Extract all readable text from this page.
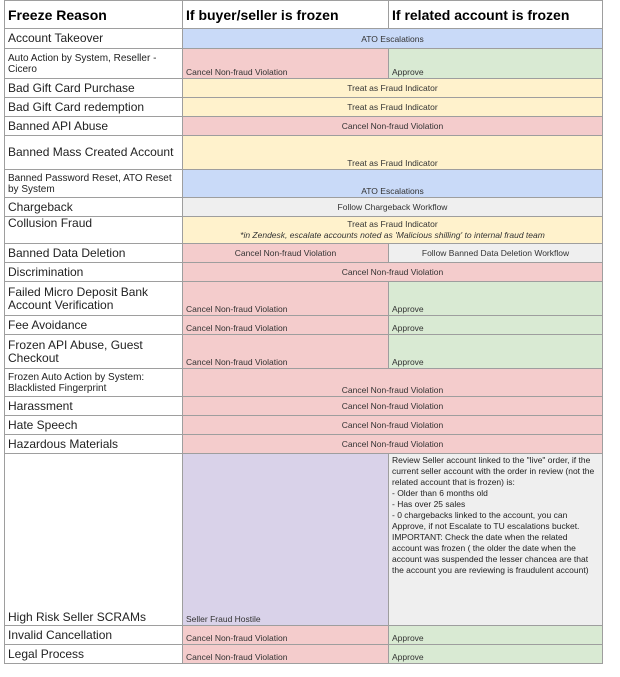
Freeze Reason	If buyer/seller is frozen	If related account is frozen
Account Takeover	ATO Escalations	
Auto Action by System, Reseller - Cicero	Cancel Non-fraud Violation	Approve
Bad Gift Card Purchase	Treat as Fraud Indicator	
Bad Gift Card redemption	Treat as Fraud Indicator	
Banned API Abuse	Cancel Non-fraud Violation	
Banned Mass Created Account	Treat as Fraud Indicator	
Banned Password Reset, ATO Reset by System	ATO Escalations	
Chargeback	Follow Chargeback Workflow	
Collusion Fraud	Treat as Fraud Indicator
*in Zendesk, escalate accounts noted as 'Malicious shilling' to internal fraud team	

Banned Data Deletion	Cancel Non-fraud Violation	Follow Banned Data Deletion Workflow
Discrimination	Cancel Non-fraud Violation	
Failed Micro Deposit Bank Account Verification	Cancel Non-fraud Violation	Approve
Fee Avoidance	Cancel Non-fraud Violation	Approve
Frozen API Abuse, Guest Checkout	Cancel Non-fraud Violation	Approve
Frozen Auto Action by System: Blacklisted Fingerprint	Cancel Non-fraud Violation	
Harassment	Cancel Non-fraud Violation	
Hate Speech	Cancel Non-fraud Violation	
Hazardous Materials	Cancel Non-fraud Violation	
High Risk Seller SCRAMs	Seller Fraud Hostile	Review Seller account linked to the "live" order, if the current seller account with the order in review (not the related account that is frozen) is:
- Older than 6 months old
- Has over 25 sales
- 0 chargebacks linked to the account, you can Approve, if not Escalate to TU escalations bucket.
IMPORTANT: Check the date when the related account was frozen ( the older the date when the account was suspended the lesser chancea are that the account you are reviewing is fraudulent account)

Invalid Cancellation	Cancel Non-fraud Violation	Approve
Legal Process	Cancel Non-fraud Violation	Approve
